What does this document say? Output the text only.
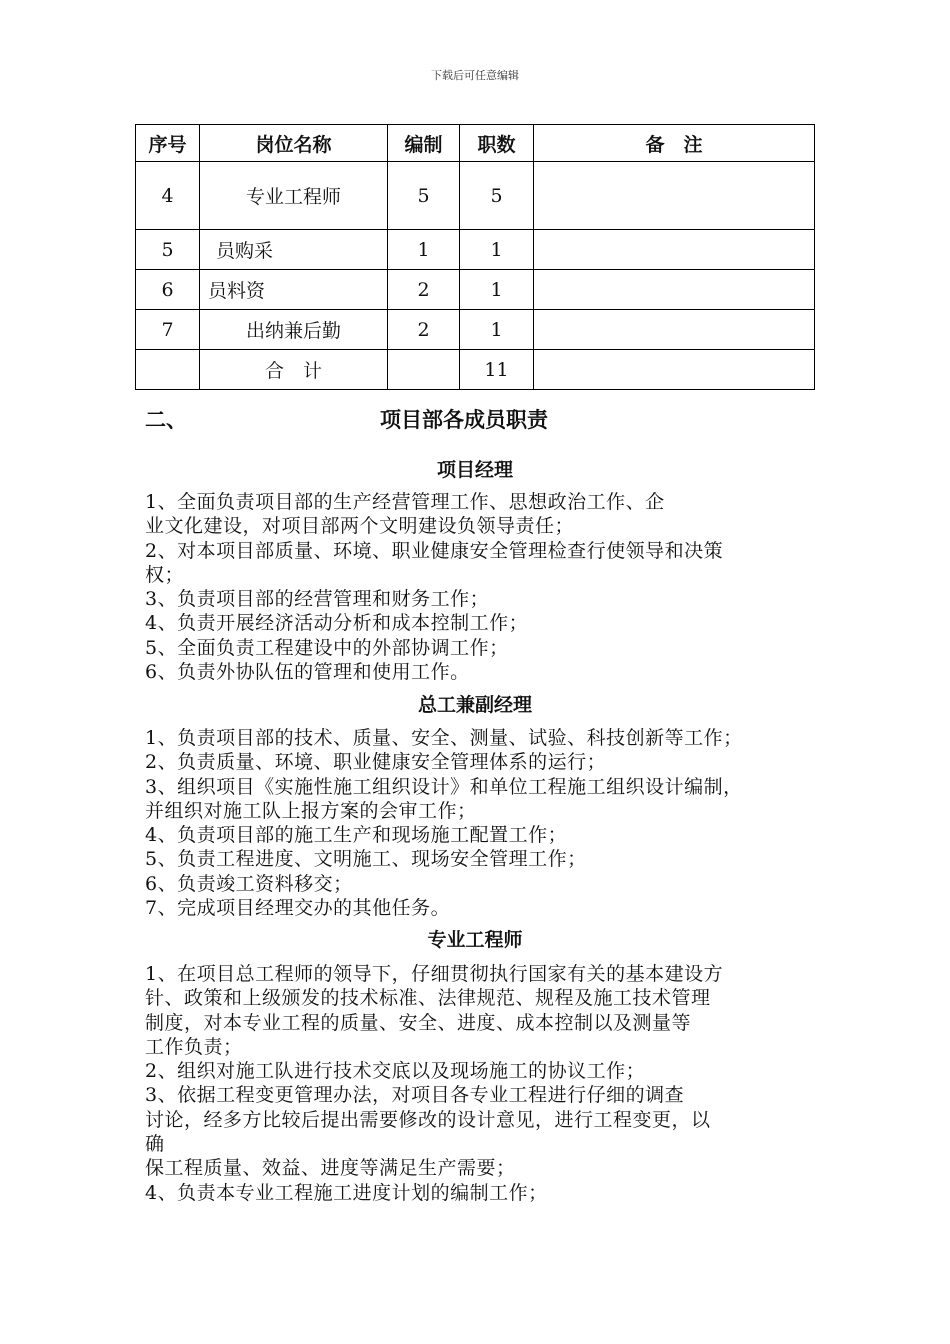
下载后可任意编辑
序号	岗位名称	编制	职数	备　注
4	专业工程师	5	5	
5	员购采	1	1	
6	员料资	2	1	
7	出纳兼后勤	2	1	
	合　计		11	
二、	项目部各成员职责
项目经理
1、全面负责项目部的生产经营管理工作、思想政治工作、企
业文化建设，对项目部两个文明建设负领导责任；
2、对本项目部质量、环境、职业健康安全管理检查行使领导和决策
权；
3、负责项目部的经营管理和财务工作；
4、负责开展经济活动分析和成本控制工作；
5、全面负责工程建设中的外部协调工作；
6、负责外协队伍的管理和使用工作。
总工兼副经理
1、负责项目部的技术、质量、安全、测量、试验、科技创新等工作；
2、负责质量、环境、职业健康安全管理体系的运行；
3、组织项目《实施性施工组织设计》和单位工程施工组织设计编制，
并组织对施工队上报方案的会审工作；
4、负责项目部的施工生产和现场施工配置工作；
5、负责工程进度、文明施工、现场安全管理工作；
6、负责竣工资料移交；
7、完成项目经理交办的其他任务。
专业工程师
1、在项目总工程师的领导下，仔细贯彻执行国家有关的基本建设方
针、政策和上级颁发的技术标准、法律规范、规程及施工技术管理
制度，对本专业工程的质量、安全、进度、成本控制以及测量等
工作负责；
2、组织对施工队进行技术交底以及现场施工的协议工作；
3、依据工程变更管理办法，对项目各专业工程进行仔细的调查
讨论，经多方比较后提出需要修改的设计意见，进行工程变更，以
确
保工程质量、效益、进度等满足生产需要；
4、负责本专业工程施工进度计划的编制工作；
